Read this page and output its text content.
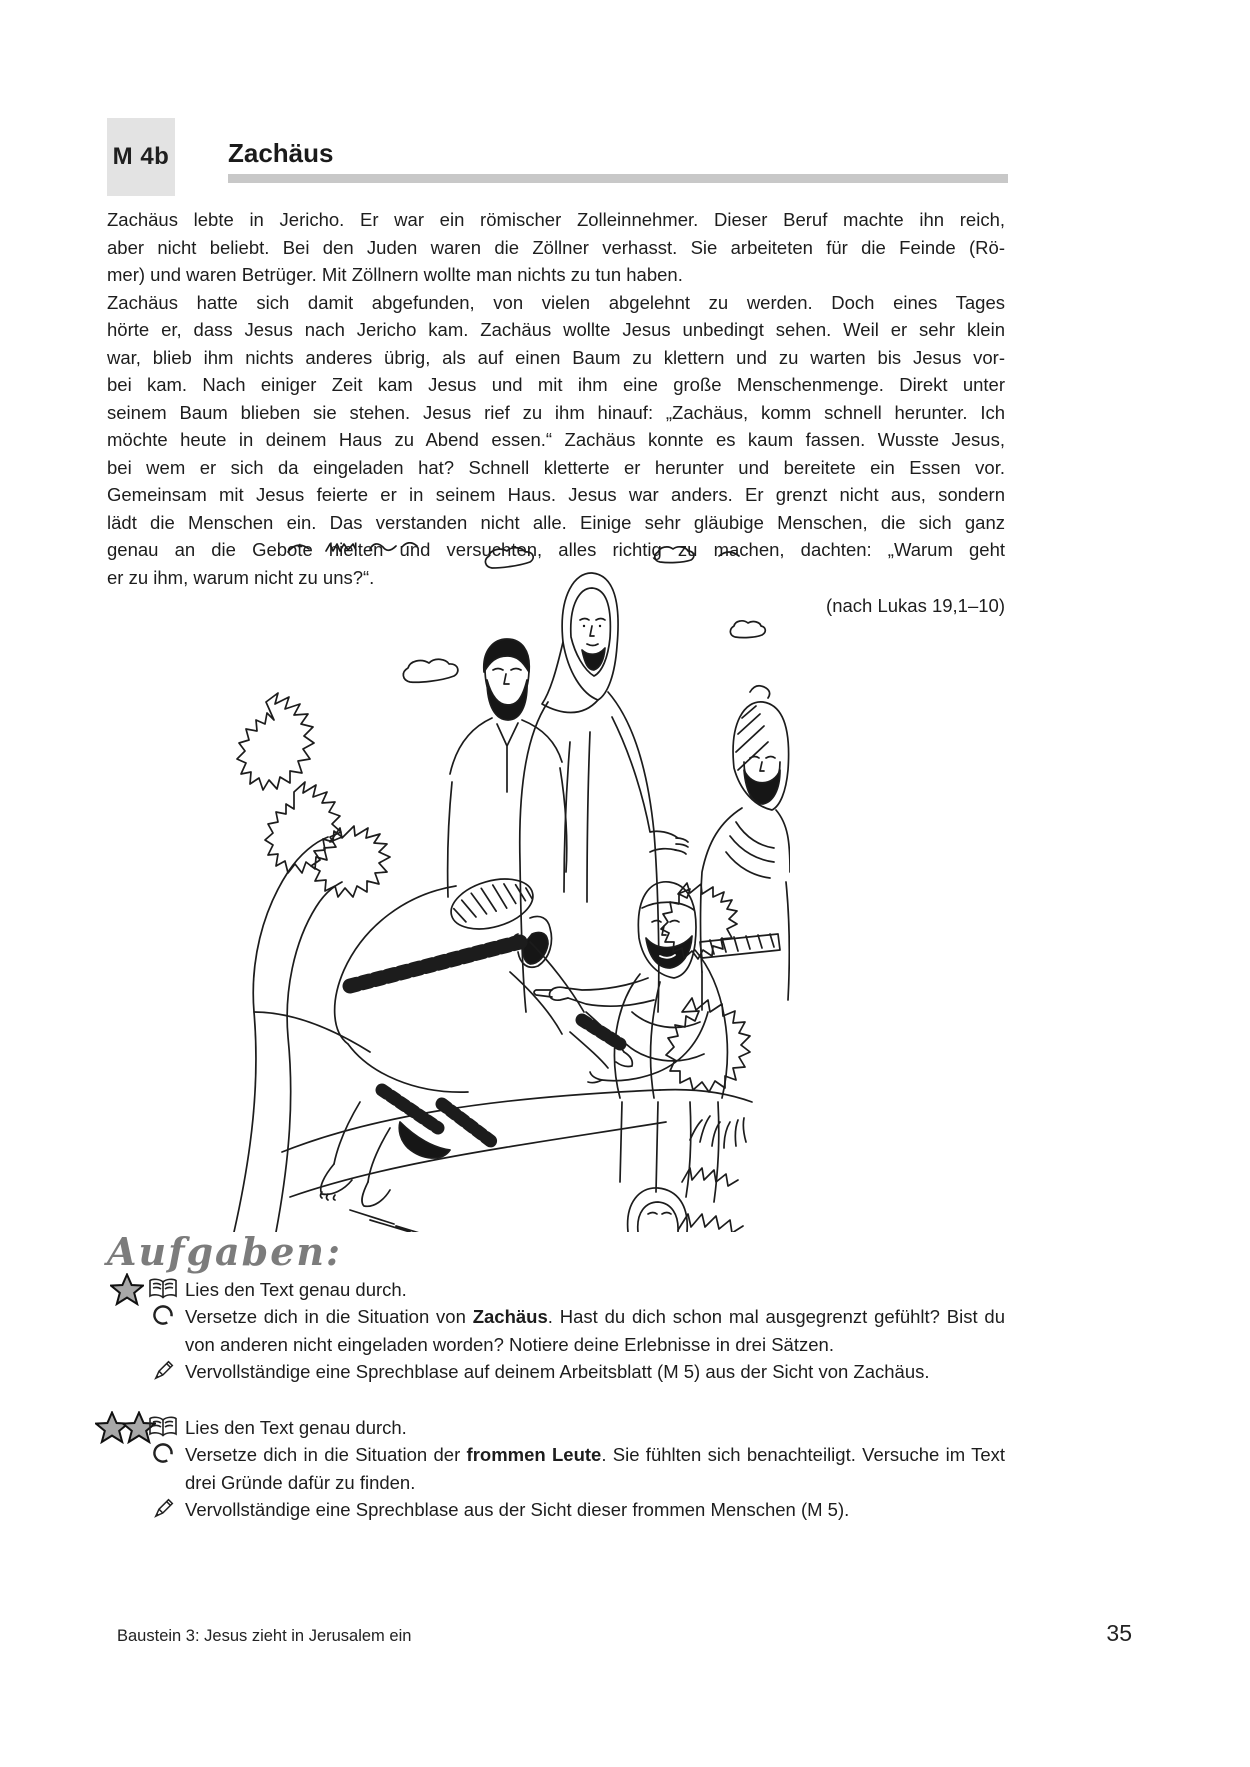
M 4b Zachäus
Zachäus lebte in Jericho. Er war ein römischer Zolleinnehmer. Dieser Beruf machte ihn reich,
aber nicht beliebt. Bei den Juden waren die Zöllner verhasst. Sie arbeiteten für die Feinde (Rö-
mer) und waren Betrüger. Mit Zöllnern wollte man nichts zu tun haben.
Zachäus hatte sich damit abgefunden, von vielen abgelehnt zu werden. Doch eines Tages
hörte er, dass Jesus nach Jericho kam. Zachäus wollte Jesus unbedingt sehen. Weil er sehr klein
war, blieb ihm nichts anderes übrig, als auf einen Baum zu klettern und zu warten bis Jesus vor-
bei kam. Nach einiger Zeit kam Jesus und mit ihm eine große Menschenmenge. Direkt unter
seinem Baum blieben sie stehen. Jesus rief zu ihm hinauf: „Zachäus, komm schnell herunter. Ich
möchte heute in deinem Haus zu Abend essen.“ Zachäus konnte es kaum fassen. Wusste Jesus,
bei wem er sich da eingeladen hat? Schnell kletterte er herunter und bereitete ein Essen vor.
Gemeinsam mit Jesus feierte er in seinem Haus. Jesus war anders. Er grenzt nicht aus, sondern
lädt die Menschen ein. Das verstanden nicht alle. Einige sehr gläubige Menschen, die sich ganz
genau an die Gebote hielten und versuchten, alles richtig zu machen, dachten: „Warum geht
er zu ihm, warum nicht zu uns?“.
(nach Lukas 19,1–10)
Aufgaben:
Lies den Text genau durch.
Versetze dich in die Situation von Zachäus. Hast du dich schon mal ausgegrenzt gefühlt? Bist du von anderen nicht eingeladen worden? Notiere deine Erlebnisse in drei Sätzen.
Vervollständige eine Sprechblase auf deinem Arbeitsblatt (M 5) aus der Sicht von Zachäus.
Lies den Text genau durch.
Versetze dich in die Situation der frommen Leute. Sie fühlten sich benachteiligt. Versuche im Text drei Gründe dafür zu finden.
Vervollständige eine Sprechblase aus der Sicht dieser frommen Menschen (M 5).
Baustein 3: Jesus zieht in Jerusalem ein	35
